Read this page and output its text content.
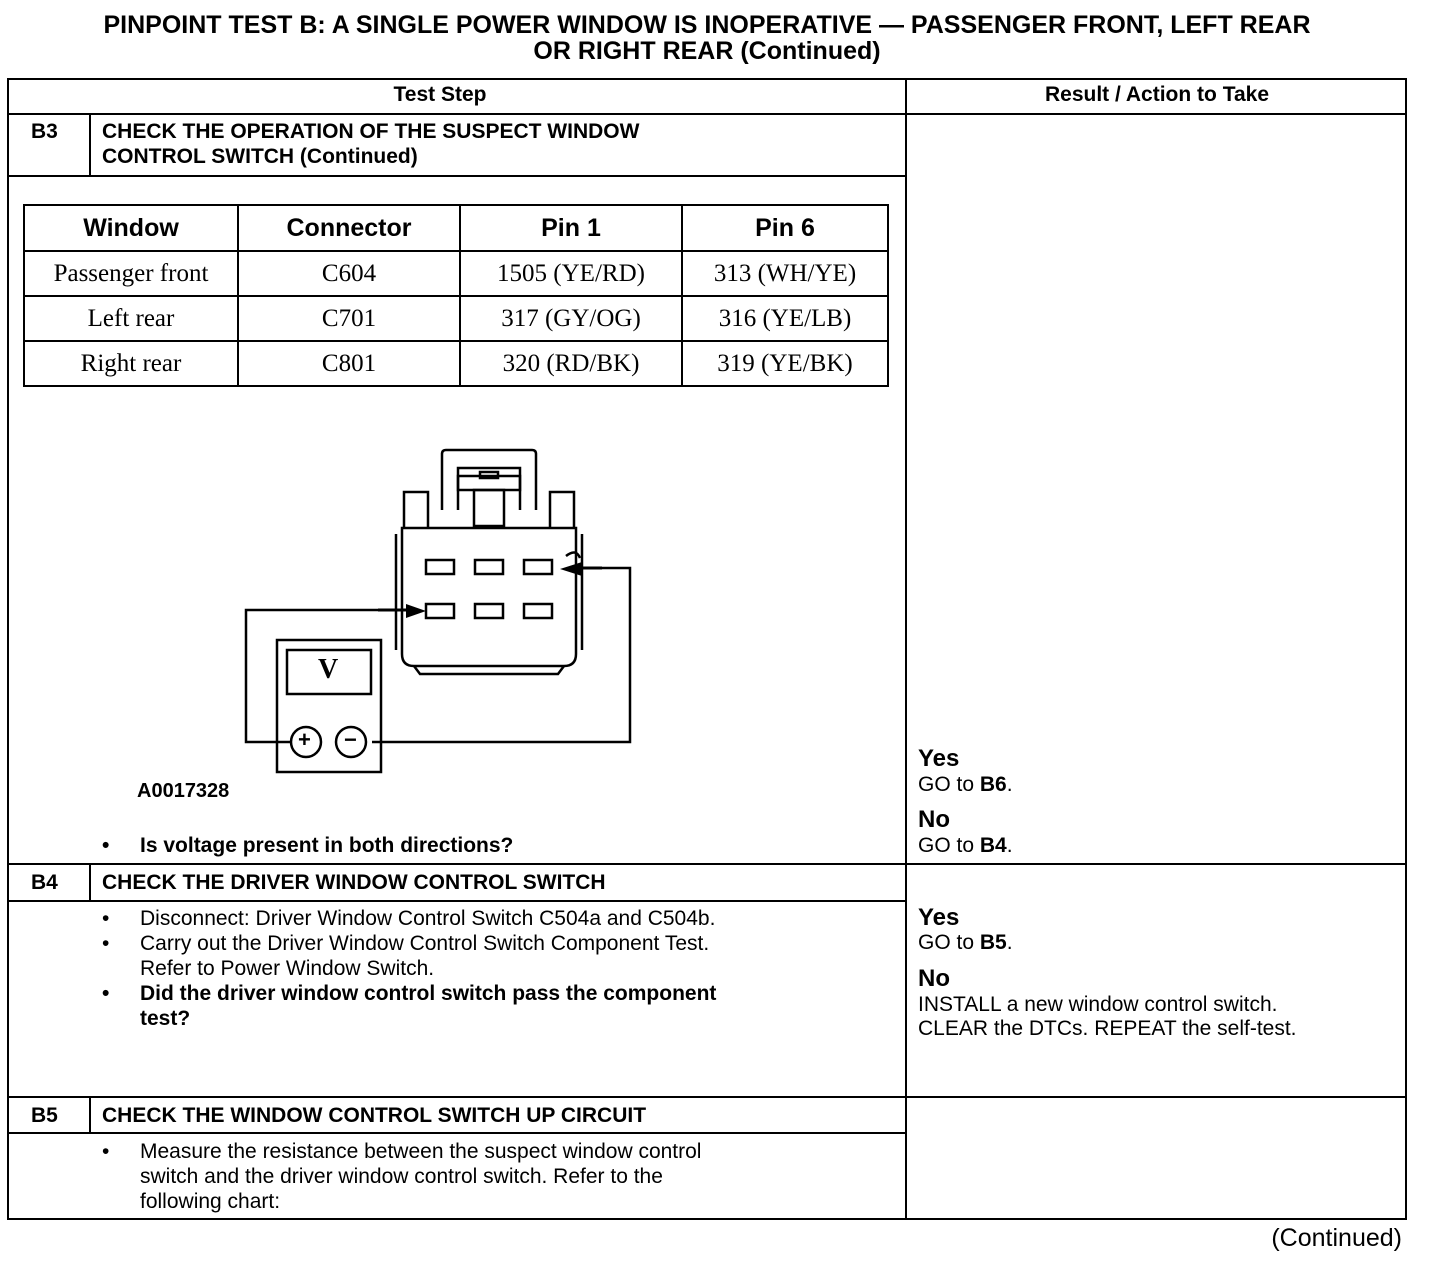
PINPOINT TEST B: A SINGLE POWER WINDOW IS INOPERATIVE — PASSENGER FRONT, LEFT REAR
OR RIGHT REAR (Continued)
Test Step	Result / Action to Take
B3 CHECK THE OPERATION OF THE SUSPECT WINDOW
CONTROL SWITCH (Continued)
Window	Connector	Pin 1	Pin 6
Passenger front	C604	1505 (YE/RD)	313 (WH/YE)
Left rear	C701	317 (GY/OG)	316 (YE/LB)
Right rear	C801	320 (RD/BK)	319 (YE/BK)
V
+ −
A0017328
• Is voltage present in both directions?
Yes
GO to B6.
No
GO to B4.
B4 CHECK THE DRIVER WINDOW CONTROL SWITCH
• Disconnect: Driver Window Control Switch C504a and C504b.
• Carry out the Driver Window Control Switch Component Test.
Refer to Power Window Switch.
• Did the driver window control switch pass the component
test?
Yes
GO to B5.
No
INSTALL a new window control switch.
CLEAR the DTCs. REPEAT the self-test.
B5 CHECK THE WINDOW CONTROL SWITCH UP CIRCUIT
• Measure the resistance between the suspect window control
switch and the driver window control switch. Refer to the
following chart:
(Continued)
